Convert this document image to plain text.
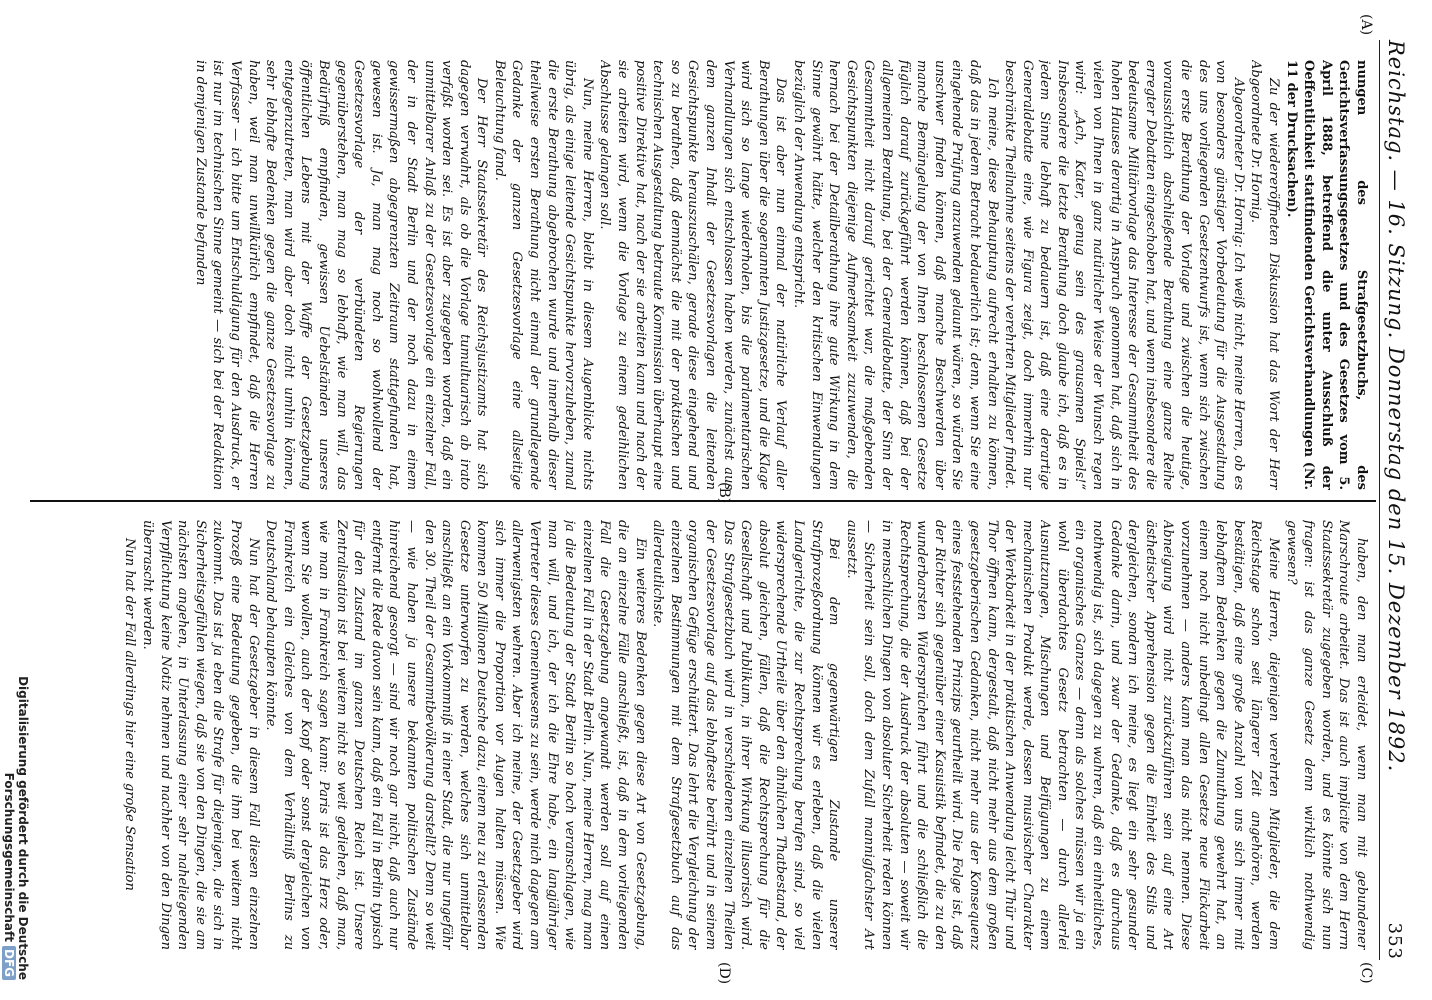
Reichstag. — 16. Sitzung. Donnerstag den 15. Dezember 1892.
353
(A)
(B)
(C)
(D)

nungen des Strafgesetzbuchs, des Gerichtsverfassungsgesetzes und des Gesetzes vom 5. April 1888, betreffend die unter Ausschluß der Oeffentlichkeit stattfindenden Gerichtsverhandlungen (Nr. 11 der Drucksachen).

Zu der wiedereröffneten Diskussion hat das Wort der Herr Abgeordnete Dr. Hornig.

Abgeordneter Dr. Hornig: Ich weiß nicht, meine Herren, ob es von besonders günstiger Vorbedeutung für die Ausgestaltung des uns vorliegenden Gesetzentwurfs ist, wenn sich zwischen die erste Berathung der Vorlage und zwischen die heutige, voraussichtlich abschließende Berathung eine ganze Reihe erregter Debatten eingeschoben hat, und wenn insbesondere die bedeutsame Militärvorlage das Interesse der Gesammtheit des hohen Hauses derartig in Anspruch genommen hat, daß sich in vielen von Ihnen in ganz natürlicher Weise der Wunsch regen wird: „Ach, Kater, genug sein des grausamen Spiels!“ Insbesondere die letzte Berathung doch glaube ich, daß es in jedem Sinne lebhaft zu bedauern ist, daß eine derartige Generaldebatte eine, wie Figura zeigt, doch immerhin nur beschränkte Theilnahme seitens der verehrten Mitglieder findet.

Ich meine, diese Behauptung aufrecht erhalten zu können, daß das in jedem Betracht bedauerlich ist; denn, wenn Sie eine eingehende Prüfung anzuwenden gelaunt wären, so würden Sie unschwer finden können, daß manche Beschwerden über manche Bemängelung der von Ihnen beschlossenen Gesetze füglich darauf zurückgeführt werden können, daß bei der allgemeinen Berathung, bei der Generaldebatte, der Sinn der Gesammtheit nicht darauf gerichtet war, die maßgebenden Gesichtspunkten diejenige Aufmerksamkeit zuzuwenden, die hernach bei der Detailberathung ihre gute Wirkung in dem Sinne gewährt hätte, welcher den kritischen Einwendungen bezüglich der Anwendung entspricht.

Das ist aber nun einmal der natürliche Verlauf aller Berathungen über die sogenannten Justizgesetze, und die Klage wird sich so lange wiederholen, bis die parlamentarischen Verhandlungen sich entschlossen haben werden, zunächst aus dem ganzen Inhalt der Gesetzesvorlagen die leitenden Gesichtspunkte herauszuschälen, gerade diese eingehend und so zu berathen, daß demnächst die mit der praktischen und technischen Ausgestaltung betraute Kommission überhaupt eine positive Direktive hat, nach der sie arbeiten kann und nach der sie arbeiten wird, wenn die Vorlage zu einem gedeihlichen Abschlusse gelangen soll.

Nun, meine Herren, bleibt in diesem Augenblicke nichts übrig, als einige leitende Gesichtspunkte hervorzuheben, zumal die erste Berathung abgebrochen wurde und innerhalb dieser theilweise ersten Berathung nicht einmal der grundlegende Gedanke der ganzen Gesetzesvorlage eine allseitige Beleuchtung fand.

Der Herr Staatssekretär des Reichsjustizamts hat sich dagegen verwahrt, als ob die Vorlage tumultuarisch ab irato verfaßt worden sei. Es ist aber zugegeben worden, daß ein unmittelbarer Anlaß zu der Gesetzesvorlage ein einzelner Fall, der in der Stadt Berlin und der noch dazu in einem gewissermaßen abgegrenzten Zeitraum stattgefunden hat, gewesen ist. Ja, man mag noch so wohlwollend der Gesetzesvorlage der verbündeten Regierungen gegenüberstehen, man mag so lebhaft, wie man will, das Bedürfniß empfinden, gewissen Uebelständen unseres öffentlichen Lebens mit der Waffe der Gesetzgebung entgegenzutreten, man wird aber doch nicht umhin können, sehr lebhafte Bedenken gegen die ganze Gesetzesvorlage zu haben, weil man unwillkürlich empfindet, daß die Herren Verfasser — ich bitte um Entschuldigung für den Ausdruck, er ist nur im technischen Sinne gemeint — sich bei der Redaktion in demjenigen Zustande befunden

haben, den man erleidet, wenn man mit gebundener Marschroute arbeitet. Das ist auch implicite von dem Herrn Staatssekretär zugegeben worden, und es könnte sich nun fragen: ist das ganze Gesetz denn wirklich nothwendig gewesen?

Meine Herren, diejenigen verehrten Mitglieder, die dem Reichstage schon seit längerer Zeit angehören, werden bestätigen, daß eine große Anzahl von uns sich immer mit lebhaftem Bedenken gegen die Zumuthung gewehrt hat, an einem noch nicht unbedingt allen Gesetze neue Flickarbeit vorzunehmen — anders kann man das nicht nennen. Diese Abneigung wird nicht zurückzuführen sein auf eine Art ästhetischer Apprehension gegen die Einheit des Stils und dergleichen, sondern ich meine, es liegt ein sehr gesunder Gedanke darin, und zwar der Gedanke, daß es durchaus nothwendig ist, sich dagegen zu wahren, daß ein einheitliches, ein organisches Ganzes — denn als solches müssen wir ja ein wohl überdachtes Gesetz betrachten — durch allerlei Ausnutzungen, Mischungen und Beifügungen zu einem mechanischen Produkt werde, dessen musivischer Charakter der Werkbarkeit in der praktischen Anwendung leicht Thür und Thor öffnen kann, dergestalt, daß nicht mehr aus dem großen gesetzgeberischen Gedanken, nicht mehr aus der Konsequenz eines feststehenden Prinzips geurtheilt wird. Die Folge ist, daß der Richter sich gegenüber einer Kasuistik befindet, die zu den wunderbarsten Widersprüchen führt und die schließlich die Rechtsprechung, die der Ausdruck der absoluten — soweit wir in menschlichen Dingen von absoluter Sicherheit reden können — Sicherheit sein soll, doch dem Zufall mannigfachster Art aussetzt.

Bei dem gegenwärtigen Zustande unserer Strafprozeßordnung können wir es erleben, daß die vielen Landgerichte, die zur Rechtsprechung berufen sind, so viel widersprechende Urtheile über den ähnlichen Thatbestand, der absolut gleichen, fällen, daß die Rechtsprechung für die Gesellschaft und Publikum, in ihrer Wirkung illusorisch wird. Das Strafgesetzbuch wird in verschiedenen einzelnen Theilen der Gesetzesvorlage auf das lebhafteste berührt und in seinem organischen Gefüge erschüttert. Das lehrt die Vergleichung der einzelnen Bestimmungen mit dem Strafgesetzbuch auf das allerdeutlichste.

Ein weiteres Bedenken gegen diese Art von Gesetzgebung, die an einzelne Fälle anschließt, ist, daß in dem vorliegenden Fall die Gesetzgebung angewandt werden soll auf einen einzelnen Fall in der Stadt Berlin. Nun, meine Herren, mag man ja die Bedeutung der Stadt Berlin so hoch veranschlagen, wie man will, und ich, der ich die Ehre habe, ein langjähriger Vertreter dieses Gemeinwesens zu sein, werde mich dagegen am allerwenigsten wehren. Aber ich meine, der Gesetzgeber wird sich immer die Proportion vor Augen halten müssen. Wie kommen 50 Millionen Deutsche dazu, einem neu zu erlassenden Gesetze unterworfen zu werden, welches sich unmittelbar anschließt an ein Vorkommniß in einer Stadt, die nur ungefähr den 30. Theil der Gesammtbevölkerung darstellt? Denn so weit — wie haben ja unsere bekannten politischen Zustände hinreichend gesorgt — sind wir noch gar nicht, daß auch nur entfernt die Rede davon sein kann, daß ein Fall in Berlin typisch für den Zustand im ganzen Deutschen Reich ist. Unsere Zentralisation ist bei weitem nicht so weit gediehen, daß man, wie man in Frankreich sagen kann: Paris ist das Herz oder, wenn Sie wollen, auch der Kopf oder sonst dergleichen von Frankreich ein Gleiches von dem Verhältniß Berlins zu Deutschland behaupten könnte.

Nun hat der Gesetzgeber in diesem Fall diesen einzelnen Prozeß eine Bedeutung gegeben, die ihm bei weitem nicht zukommt. Das ist ja eben die Strafe für diejenigen, die sich in Sicherheitsgefühlen wiegen, daß sie von den Dingen, die sie am nächsten angehen, in Unterlassung einer sehr naheliegenden Verpflichtung keine Notiz nehmen und nachher von den Dingen überrascht werden.

Nun hat der Fall allerdings hier eine große Sensation

Digitalisierung gefördert durch die Deutsche ForschungsgemeinschaftDFG
